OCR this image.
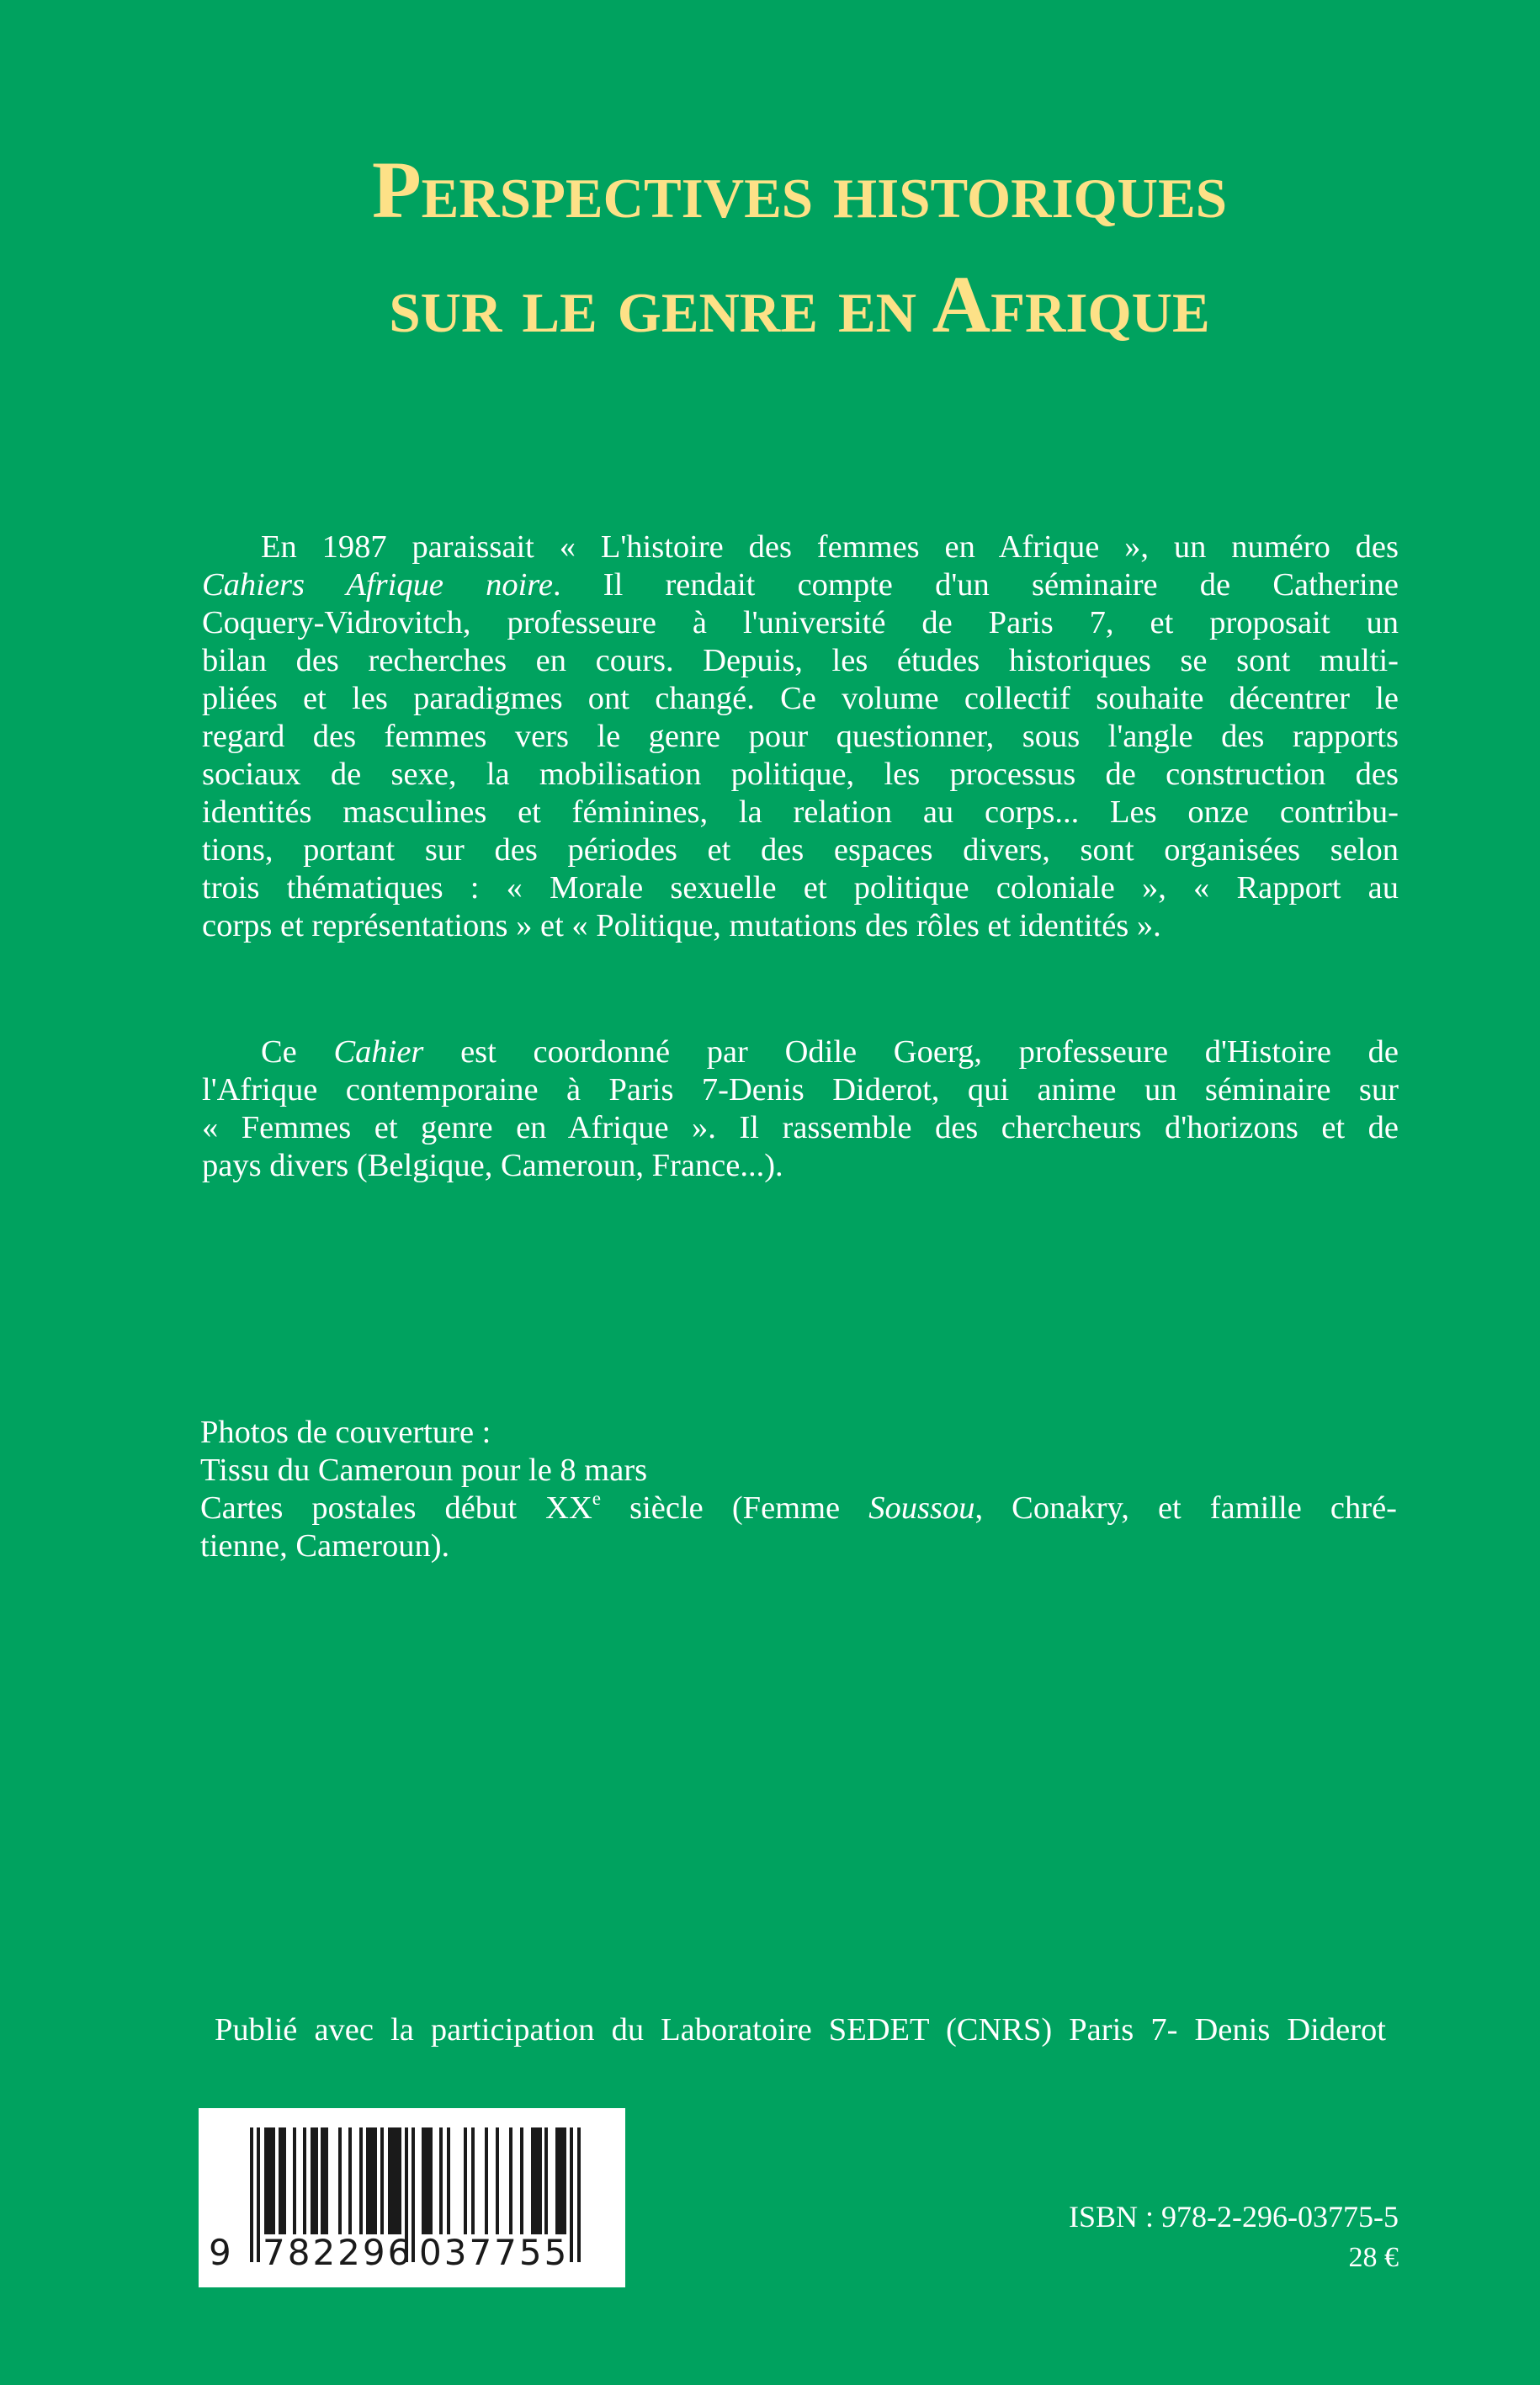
Perspectives historiques
sur le genre en Afrique

En 1987 paraissait « L'histoire des femmes en Afrique », un numéro des
Cahiers Afrique noire. Il rendait compte d'un séminaire de Catherine
Coquery-Vidrovitch, professeure à l'université de Paris 7, et proposait un
bilan des recherches en cours. Depuis, les études historiques se sont multi-
pliées et les paradigmes ont changé. Ce volume collectif souhaite décentrer le
regard des femmes vers le genre pour questionner, sous l'angle des rapports
sociaux de sexe, la mobilisation politique, les processus de construction des
identités masculines et féminines, la relation au corps... Les onze contribu-
tions, portant sur des périodes et des espaces divers, sont organisées selon
trois thématiques : « Morale sexuelle et politique coloniale », « Rapport au
corps et représentations » et « Politique, mutations des rôles et identités ».

Ce Cahier est coordonné par Odile Goerg, professeure d'Histoire de
l'Afrique contemporaine à Paris 7-Denis Diderot, qui anime un séminaire sur
« Femmes et genre en Afrique ». Il rassemble des chercheurs d'horizons et de
pays divers (Belgique, Cameroun, France...).

Photos de couverture :
Tissu du Cameroun pour le 8 mars
Cartes postales début XXe siècle (Femme Soussou, Conakry, et famille chré-
tienne, Cameroun).
Publié avec la participation du Laboratoire SEDET (CNRS) Paris 7- Denis Diderot
9 782296 037755
ISBN : 978-2-296-03775-5
28 €
